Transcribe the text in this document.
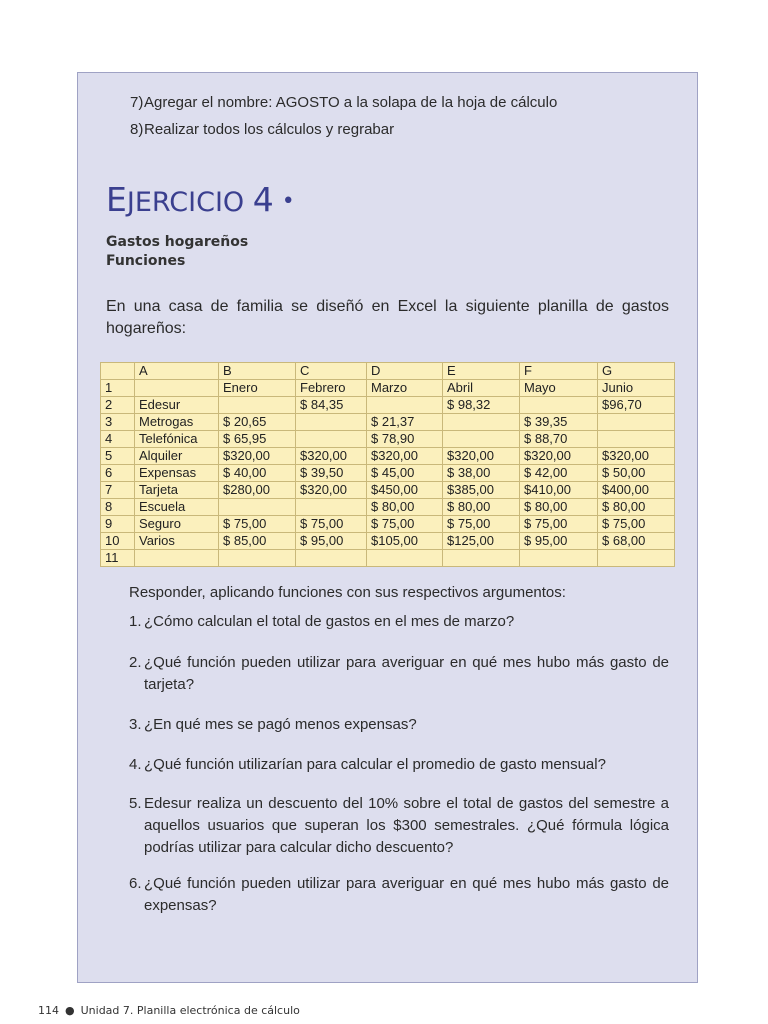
7)Agregar el nombre: AGOSTO a la solapa de la hoja de cálculo
8)Realizar todos los cálculos y regrabar
EJERCICIO 4 •
Gastos hogareños
Funciones
En una casa de familia se diseñó en Excel la siguiente planilla de gastos hogareños:
	A	B	C	D	E	F	G
1		Enero	Febrero	Marzo	Abril	Mayo	Junio
2	Edesur		$ 84,35		$ 98,32		$96,70
3	Metrogas	$ 20,65		$ 21,37		$ 39,35	
4	Telefónica	$ 65,95		$ 78,90		$ 88,70	
5	Alquiler	$320,00	$320,00	$320,00	$320,00	$320,00	$320,00
6	Expensas	$ 40,00	$ 39,50	$ 45,00	$ 38,00	$ 42,00	$ 50,00
7	Tarjeta	$280,00	$320,00	$450,00	$385,00	$410,00	$400,00
8	Escuela			$ 80,00	$ 80,00	$ 80,00	$ 80,00
9	Seguro	$ 75,00	$ 75,00	$ 75,00	$ 75,00	$ 75,00	$ 75,00
10	Varios	$ 85,00	$ 95,00	$105,00	$125,00	$ 95,00	$ 68,00
11							
Responder, aplicando funciones con sus respectivos argumentos:
1. ¿Cómo calculan el total de gastos en el mes de marzo?
2. ¿Qué función pueden utilizar para averiguar en qué mes hubo más gasto de tarjeta?
3. ¿En qué mes se pagó menos expensas?
4. ¿Qué función utilizarían para calcular el promedio de gasto mensual?
5. Edesur realiza un descuento del 10% sobre el total de gastos del semestre a aquellos usuarios que superan los $300 semestrales. ¿Qué fórmula lógica podrías utilizar para calcular dicho descuento?
6. ¿Qué función pueden utilizar para averiguar en qué mes hubo más gasto de expensas?
114 ● Unidad 7. Planilla electrónica de cálculo
